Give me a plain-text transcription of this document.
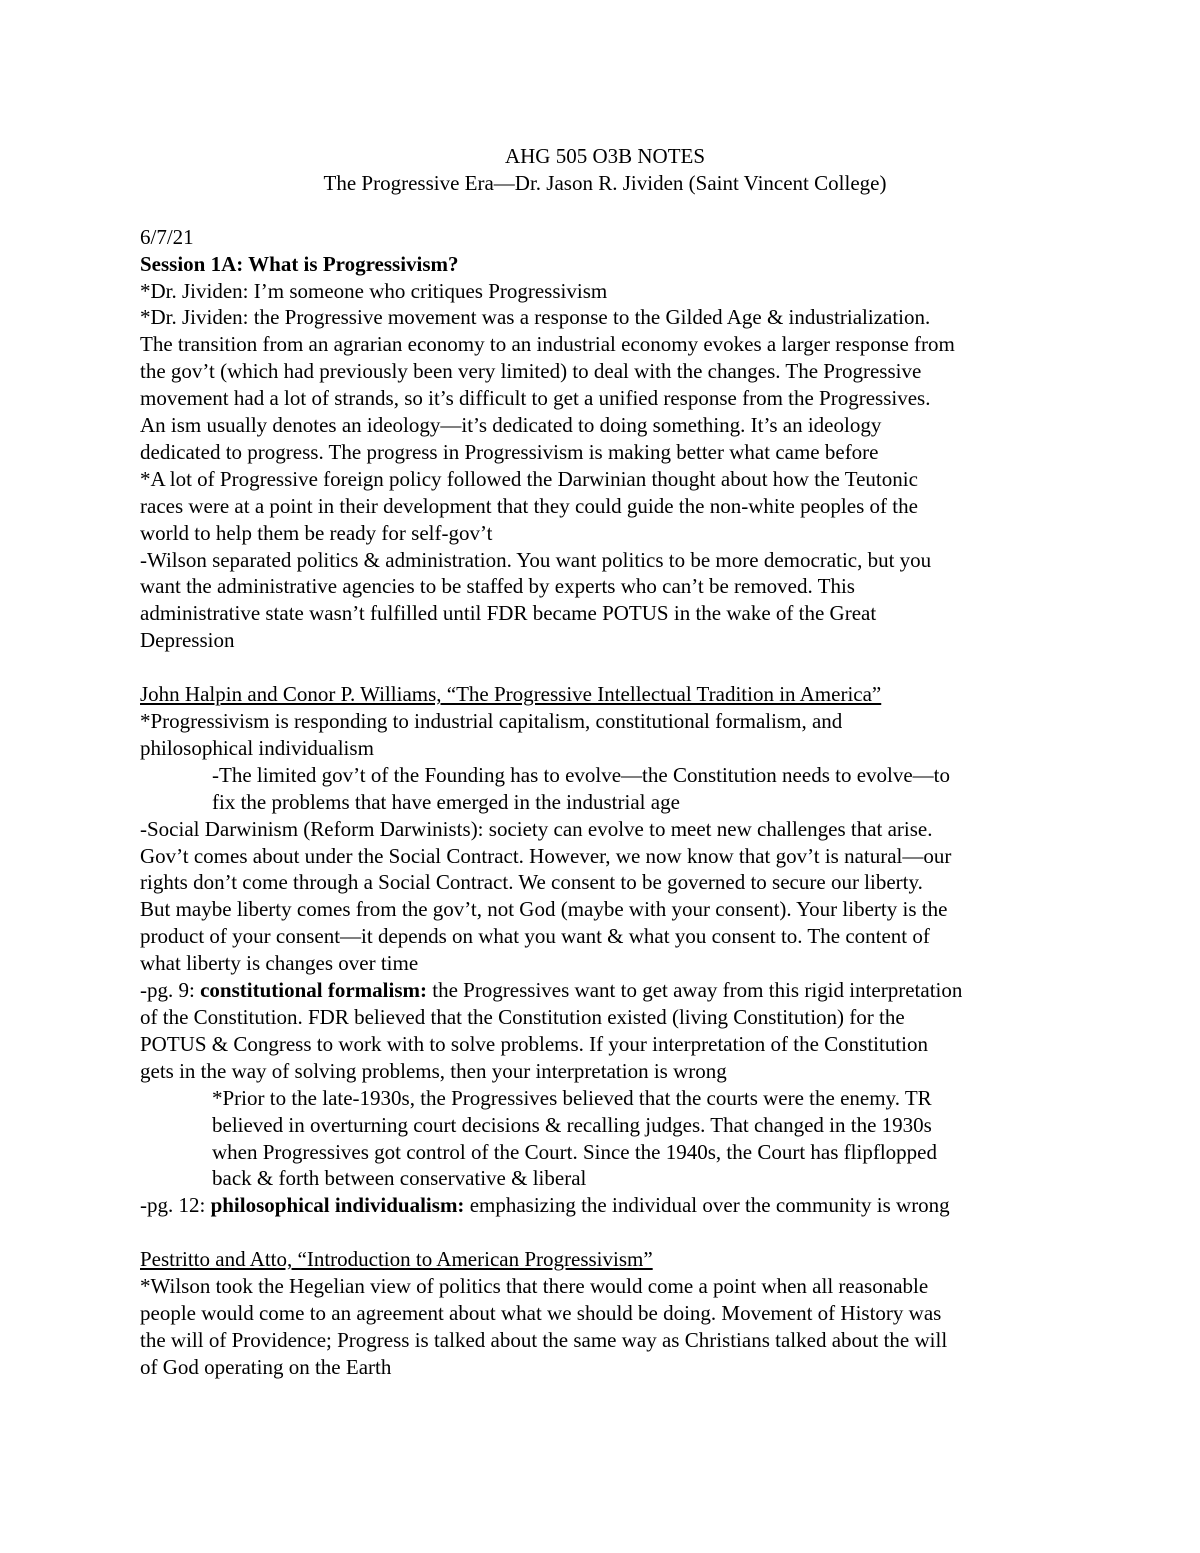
AHG 505 O3B NOTES
The Progressive Era—Dr. Jason R. Jividen (Saint Vincent College)
6/7/21
Session 1A: What is Progressivism?
*Dr. Jividen: I’m someone who critiques Progressivism
*Dr. Jividen: the Progressive movement was a response to the Gilded Age & industrialization.
The transition from an agrarian economy to an industrial economy evokes a larger response from
the gov’t (which had previously been very limited) to deal with the changes. The Progressive
movement had a lot of strands, so it’s difficult to get a unified response from the Progressives.
An ism usually denotes an ideology—it’s dedicated to doing something. It’s an ideology
dedicated to progress. The progress in Progressivism is making better what came before
*A lot of Progressive foreign policy followed the Darwinian thought about how the Teutonic
races were at a point in their development that they could guide the non-white peoples of the
world to help them be ready for self-gov’t
-Wilson separated politics & administration. You want politics to be more democratic, but you
want the administrative agencies to be staffed by experts who can’t be removed. This
administrative state wasn’t fulfilled until FDR became POTUS in the wake of the Great
Depression
John Halpin and Conor P. Williams, “The Progressive Intellectual Tradition in America”
*Progressivism is responding to industrial capitalism, constitutional formalism, and
philosophical individualism
-The limited gov’t of the Founding has to evolve—the Constitution needs to evolve—to
fix the problems that have emerged in the industrial age
-Social Darwinism (Reform Darwinists): society can evolve to meet new challenges that arise.
Gov’t comes about under the Social Contract. However, we now know that gov’t is natural—our
rights don’t come through a Social Contract. We consent to be governed to secure our liberty.
But maybe liberty comes from the gov’t, not God (maybe with your consent). Your liberty is the
product of your consent—it depends on what you want & what you consent to. The content of
what liberty is changes over time
-pg. 9: constitutional formalism: the Progressives want to get away from this rigid interpretation
of the Constitution. FDR believed that the Constitution existed (living Constitution) for the
POTUS & Congress to work with to solve problems. If your interpretation of the Constitution
gets in the way of solving problems, then your interpretation is wrong
*Prior to the late-1930s, the Progressives believed that the courts were the enemy. TR
believed in overturning court decisions & recalling judges. That changed in the 1930s
when Progressives got control of the Court. Since the 1940s, the Court has flipflopped
back & forth between conservative & liberal
-pg. 12: philosophical individualism: emphasizing the individual over the community is wrong
Pestritto and Atto, “Introduction to American Progressivism”
*Wilson took the Hegelian view of politics that there would come a point when all reasonable
people would come to an agreement about what we should be doing. Movement of History was
the will of Providence; Progress is talked about the same way as Christians talked about the will
of God operating on the Earth
